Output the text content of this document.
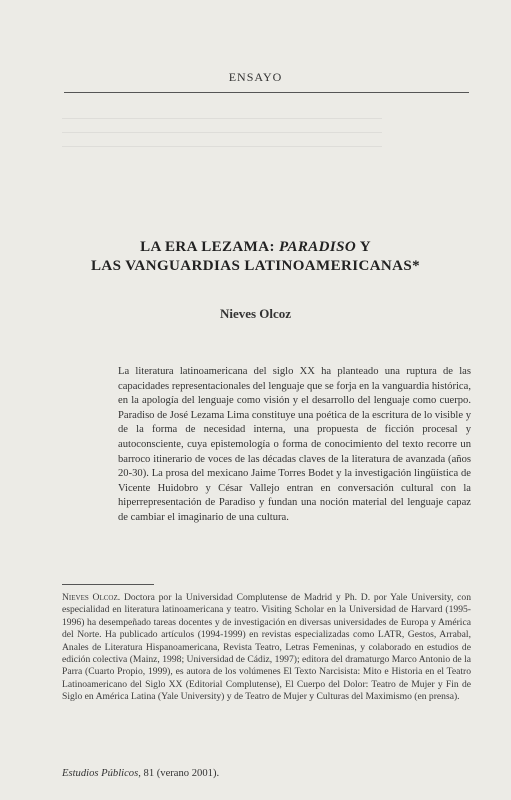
ENSAYO
LA ERA LEZAMA: PARADISO Y
LAS VANGUARDIAS LATINOAMERICANAS*
Nieves Olcoz
La literatura latinoamericana del siglo XX ha planteado una ruptura de las capacidades representacionales del lenguaje que se forja en la vanguardia histórica, en la apología del lenguaje como visión y el desarrollo del lenguaje como cuerpo. Paradiso de José Lezama Lima constituye una poética de la escritura de lo visible y de la forma de necesidad interna, una propuesta de ficción procesal y autoconsciente, cuya epistemología o forma de conocimiento del texto recorre un barroco itinerario de voces de las décadas claves de la literatura de avanzada (años 20-30). La prosa del mexicano Jaime Torres Bodet y la investigación lingüística de Vicente Huidobro y César Vallejo entran en conversación cultural con la hiperrepresentación de Paradiso y fundan una noción material del lenguaje capaz de cambiar el imaginario de una cultura.
Nieves Olcoz. Doctora por la Universidad Complutense de Madrid y Ph. D. por Yale University, con especialidad en literatura latinoamericana y teatro. Visiting Scholar en la Universidad de Harvard (1995-1996) ha desempeñado tareas docentes y de investigación en diversas universidades de Europa y América del Norte. Ha publicado artículos (1994-1999) en revistas especializadas como LATR, Gestos, Arrabal, Anales de Literatura Hispanoamericana, Revista Teatro, Letras Femeninas, y colaborado en estudios de edición colectiva (Mainz, 1998; Universidad de Cádiz, 1997); editora del dramaturgo Marco Antonio de la Parra (Cuarto Propio, 1999), es autora de los volúmenes El Texto Narcisista: Mito e Historia en el Teatro Latinoamericano del Siglo XX (Editorial Complutense), El Cuerpo del Dolor: Teatro de Mujer y Fin de Siglo en América Latina (Yale University) y de Teatro de Mujer y Culturas del Maximismo (en prensa).
Estudios Públicos, 81 (verano 2001).
